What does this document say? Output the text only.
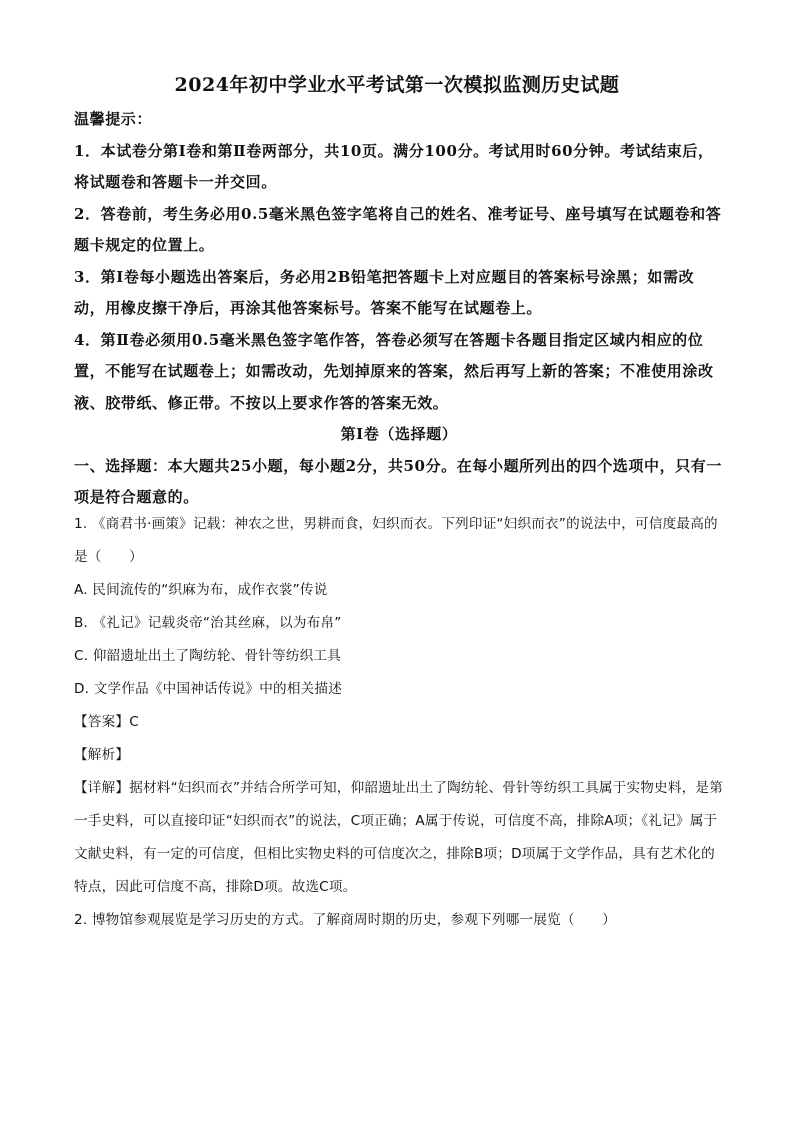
2024年初中学业水平考试第一次模拟监测历史试题

温馨提示：

1．本试卷分第Ⅰ卷和第Ⅱ卷两部分，共10页。满分100分。考试用时60分钟。考试结束后，将试题卷和答题卡一并交回。

2．答卷前，考生务必用0.5毫米黑色签字笔将自己的姓名、准考证号、座号填写在试题卷和答题卡规定的位置上。

3．第Ⅰ卷每小题选出答案后，务必用2B铅笔把答题卡上对应题目的答案标号涂黑；如需改动，用橡皮擦干净后，再涂其他答案标号。答案不能写在试题卷上。

4．第Ⅱ卷必须用0.5毫米黑色签字笔作答，答卷必须写在答题卡各题目指定区域内相应的位置，不能写在试题卷上；如需改动，先划掉原来的答案，然后再写上新的答案；不准使用涂改液、胶带纸、修正带。不按以上要求作答的答案无效。

第Ⅰ卷（选择题）

一、选择题：本大题共25小题，每小题2分，共50分。在每小题所列出的四个选项中，只有一项是符合题意的。

1. 《商君书·画策》记载：神农之世，男耕而食，妇织而衣。下列印证“妇织而衣”的说法中，可信度最高的是（　　）

A. 民间流传的“织麻为布，成作衣裳”传说

B. 《礼记》记载炎帝“治其丝麻，以为布帛”

C. 仰韶遗址出土了陶纺轮、骨针等纺织工具

D. 文学作品《中国神话传说》中的相关描述

【答案】C

【解析】

【详解】据材料“妇织而衣”并结合所学可知，仰韶遗址出土了陶纺轮、骨针等纺织工具属于实物史料，是第一手史料，可以直接印证“妇织而衣”的说法，C项正确；A属于传说，可信度不高，排除A项；《礼记》属于文献史料，有一定的可信度，但相比实物史料的可信度次之，排除B项；D项属于文学作品，具有艺术化的特点，因此可信度不高，排除D项。故选C项。

2. 博物馆参观展览是学习历史的方式。了解商周时期的历史，参观下列哪一展览（　　）
